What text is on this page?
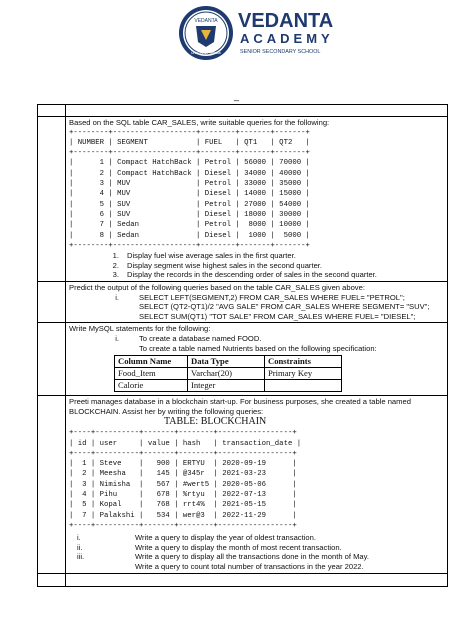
VEDANTA
Unlocking Potential
VEDANTA
ACADEMY
SENIOR SECONDARY SCHOOL
_
Based on the SQL table CAR_SALES, write suitable queries for the following:
+--------+-------------------+--------+-------+-------+
| NUMBER | SEGMENT           | FUEL   | QT1   | QT2   |
+--------+-------------------+--------+-------+-------+
|      1 | Compact HatchBack | Petrol | 56000 | 70000 |
|      2 | Compact HatchBack | Diesel | 34000 | 40000 |
|      3 | MUV               | Petrol | 33000 | 35000 |
|      4 | MUV               | Diesel | 14000 | 15000 |
|      5 | SUV               | Petrol | 27000 | 54000 |
|      6 | SUV               | Diesel | 18000 | 30000 |
|      7 | Sedan             | Petrol |  8000 | 10000 |
|      8 | Sedan             | Diesel |  1000 |  5000 |
+--------+-------------------+--------+-------+-------+
1.	Display fuel wise average sales in the first quarter.
2.	Display segment wise highest sales in the second quarter.
3.	Display the records in the descending order of sales in the second quarter.
Predict the output of the following queries based on the table CAR_SALES given above:
i.	SELECT LEFT(SEGMENT,2) FROM CAR_SALES WHERE FUEL= "PETROL";
SELECT (QT2-QT1)/2 "AVG SALE" FROM CAR_SALES WHERE SEGMENT= "SUV";
SELECT SUM(QT1) "TOT SALE" FROM CAR_SALES WHERE FUEL= "DIESEL";
Write MySQL statements for the following:
i.	To create a database named FOOD.
To create a table named Nutrients based on the following specification:
Column Name	Data Type	Constraints
Food_Item	Varchar(20)	Primary Key
Calorie	Integer	
Preeti manages database in a blockchain start-up. For business purposes, she created a table named
BLOCKCHAIN. Assist her by writing the following queries:
TABLE: BLOCKCHAIN
+----+----------+-------+--------+-----------------+
| id | user     | value | hash   | transaction_date |
+----+----------+-------+--------+-----------------+
|  1 | Steve    |   900 | ERTYU  | 2020-09-19      |
|  2 | Meesha   |   145 | @345r  | 2021-03-23      |
|  3 | Nimisha  |   567 | #wert5 | 2020-05-06      |
|  4 | Pihu     |   678 | %rtyu  | 2022-07-13      |
|  5 | Kopal    |   768 | rrt4%  | 2021-05-15      |
|  7 | Palakshi |   534 | wer@3  | 2022-11-29      |
+----+----------+-------+--------+-----------------+
i.	Write a query to display the year of oldest transaction.
ii.	Write a query to display the month of most recent transaction.
iii.	Write a query to display all the transactions done in the month of May.
Write a query to count total number of transactions in the year 2022.
